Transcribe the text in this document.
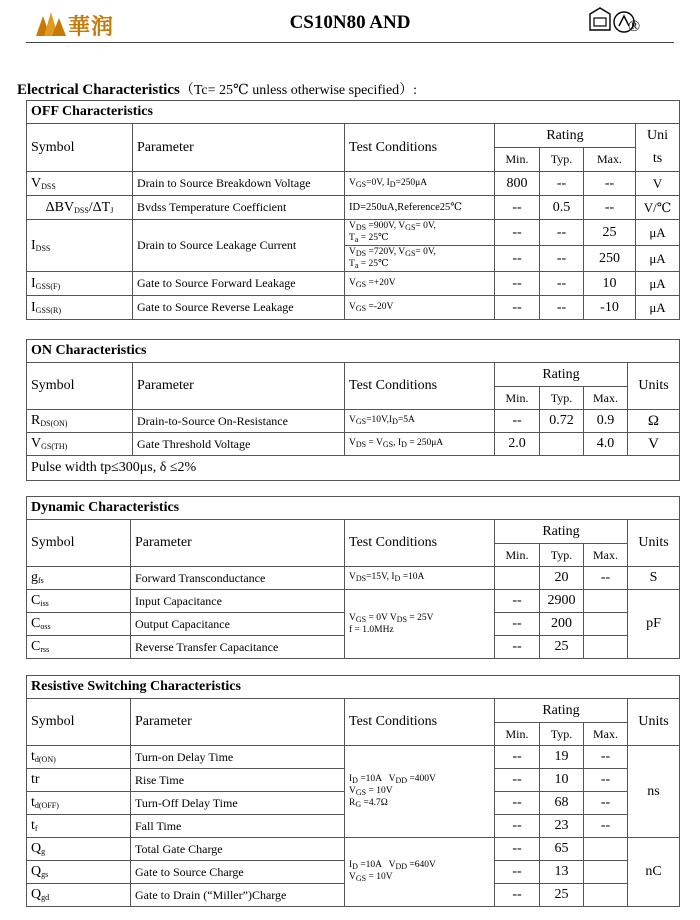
華润	CS10N80 AND	®
Electrical Characteristics（Tc= 25℃ unless otherwise specified）:
OFF Characteristics						
Symbol	Parameter	Test Conditions	Rating			Uni
			Min.	Typ.	Max.	ts
$V_{DSS}$	Drain to Source Breakdown Voltage	$V_{GS}=0V$, $I_D=250\mu A$	800	--	--	V
$\Delta BV_{DSS}/\Delta T_J$	Bvdss Temperature Coefficient	ID=250uA,Reference25℃	--	0.5	--	V/℃
$I_{DSS}$	Drain to Source Leakage Current	$V_{DS} =900V$, $V_{GS}= 0V$,
$T_a$ = 25℃	--	--	25	μA
		$V_{DS} =720V$, $V_{GS}= 0V$,
$T_a$ = 25℃	--	--	250	μA
$I_{GSS(F)}$	Gate to Source Forward Leakage	$V_{GS} =+20V$	--	--	10	μA
$I_{GSS(R)}$	Gate to Source Reverse Leakage	$V_{GS} =-20V$	--	--	-10	μA
ON Characteristics						
Symbol	Parameter	Test Conditions	Rating			Units
			Min.	Typ.	Max.	
$R_{DS(ON)}$	Drain-to-Source On-Resistance	$V_{GS}=10V,I_D=5A$	--	0.72	0.9	Ω
$V_{GS(TH)}$	Gate Threshold Voltage	$V_{DS} = V_{GS}$, $I_D = 250\mu A$	2.0		4.0	V
Pulse width tp≤300μs, δ ≤2%						
Dynamic Characteristics						
Symbol	Parameter	Test Conditions	Rating			Units
			Min.	Typ.	Max.	
$g_{fs}$	Forward Transconductance	$V_{DS}=15V$, $I_D =10A$		20	--	S
$C_{iss}$	Input Capacitance	$V_{GS} = 0V$ $V_{DS} = 25V$
f = 1.0MHz	--	2900		pF
$C_{oss}$	Output Capacitance		--	200		
$C_{rss}$	Reverse Transfer Capacitance		--	25		
Resistive Switching Characteristics						
Symbol	Parameter	Test Conditions	Rating			Units
			Min.	Typ.	Max.	
$t_{d(ON)}$	Turn-on Delay Time	$I_D =10A$   $V_{DD} =400V$
$V_{GS} = 10V$
$R_G =4.7\Omega$	--	19	--	ns
tr	Rise Time		--	10	--	
$t_{d(OFF)}$	Turn-Off Delay Time		--	68	--	
$t_f$	Fall Time		--	23	--	
$Q_g$	Total Gate Charge	$I_D =10A$   $V_{DD} =640V$
$V_{GS} = 10V$	--	65		nC
$Q_{gs}$	Gate to Source Charge		--	13		
$Q_{gd}$	Gate to Drain (“Miller”)Charge		--	25		
